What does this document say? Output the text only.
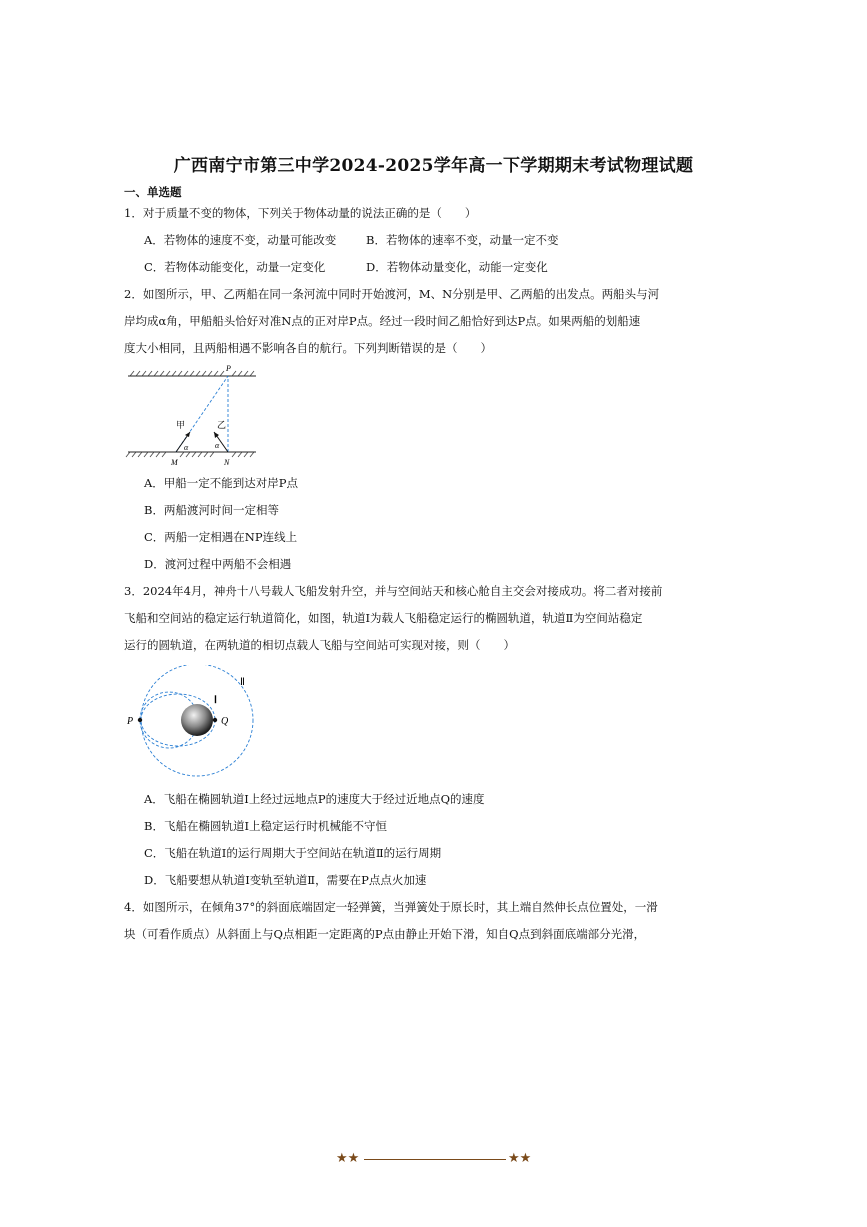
广西南宁市第三中学2024-2025学年高一下学期期末考试物理试题
一、单选题
1．对于质量不变的物体，下列关于物体动量的说法正确的是（　　）
A．若物体的速度不变，动量可能改变	B．若物体的速率不变，动量一定不变
C．若物体动能变化，动量一定变化	D．若物体动量变化，动能一定变化
2．如图所示，甲、乙两船在同一条河流中同时开始渡河，M、N分别是甲、乙两船的出发点。两船头与河
岸均成α角，甲船船头恰好对准N点的正对岸P点。经过一段时间乙船恰好到达P点。如果两船的划船速
度大小相同，且两船相遇不影响各自的航行。下列判断错误的是（　　）
P
M	N
甲	乙
α	α
A．甲船一定不能到达对岸P点
B．两船渡河时间一定相等
C．两船一定相遇在NP连线上
D．渡河过程中两船不会相遇
3．2024年4月，神舟十八号载人飞船发射升空，并与空间站天和核心舱自主交会对接成功。将二者对接前
飞船和空间站的稳定运行轨道简化，如图，轨道Ⅰ为载人飞船稳定运行的椭圆轨道，轨道Ⅱ为空间站稳定
运行的圆轨道，在两轨道的相切点载人飞船与空间站可实现对接，则（　　）
P	Q
Ⅰ
Ⅱ
A．飞船在椭圆轨道Ⅰ上经过远地点P的速度大于经过近地点Q的速度
B．飞船在椭圆轨道Ⅰ上稳定运行时机械能不守恒
C．飞船在轨道Ⅰ的运行周期大于空间站在轨道Ⅱ的运行周期
D．飞船要想从轨道Ⅰ变轨至轨道Ⅱ，需要在P点点火加速
4．如图所示，在倾角37°的斜面底端固定一轻弹簧，当弹簧处于原长时，其上端自然伸长点位置处，一滑
块（可看作质点）从斜面上与Q点相距一定距离的P点由静止开始下滑，知自Q点到斜面底端部分光滑，
★★	★★
